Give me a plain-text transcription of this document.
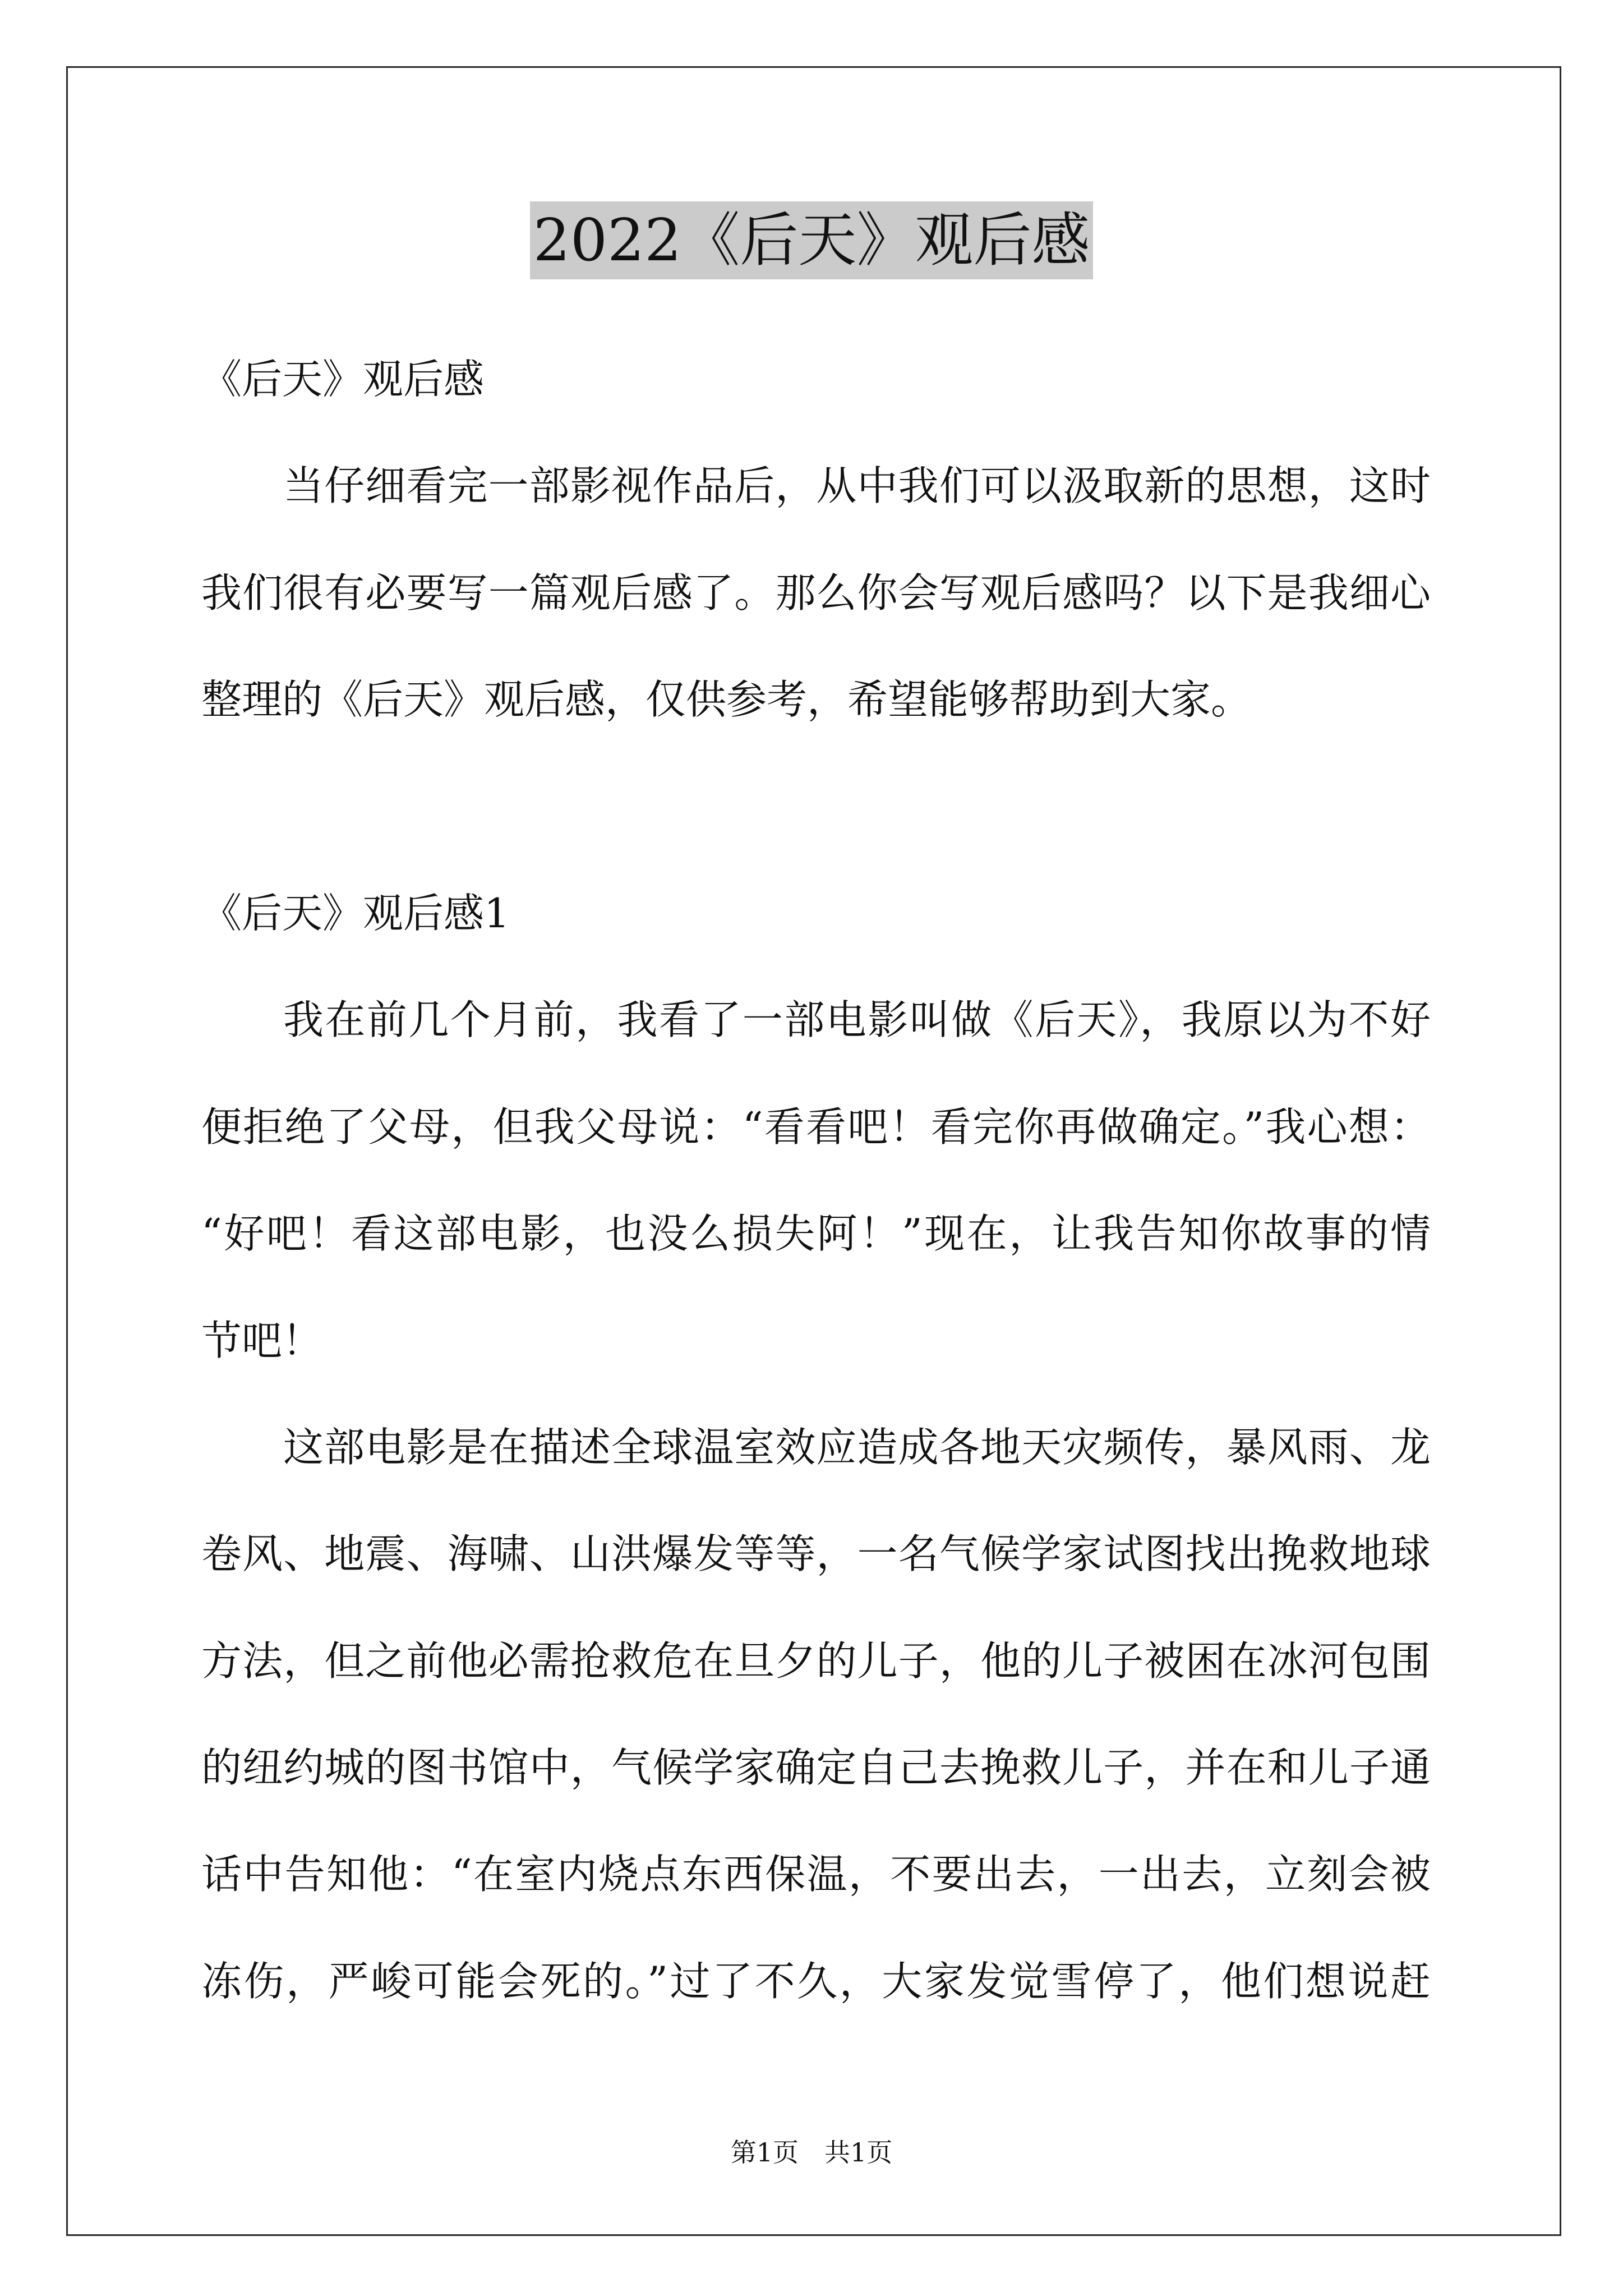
2022《后天》观后感
《后天》观后感
当仔细看完一部影视作品后，从中我们可以汲取新的思想，这时
我们很有必要写一篇观后感了。那么你会写观后感吗？以下是我细心
整理的《后天》观后感，仅供参考，希望能够帮助到大家。
《后天》观后感1
我在前几个月前，我看了一部电影叫做《后天》，我原以为不好
便拒绝了父母，但我父母说：“看看吧！看完你再做确定。”我心想：
“好吧！看这部电影，也没么损失阿！”现在，让我告知你故事的情
节吧！
这部电影是在描述全球温室效应造成各地天灾频传，暴风雨、龙
卷风、地震、海啸、山洪爆发等等，一名气候学家试图找出挽救地球
方法，但之前他必需抢救危在旦夕的儿子，他的儿子被困在冰河包围
的纽约城的图书馆中，气候学家确定自己去挽救儿子，并在和儿子通
话中告知他：“在室内烧点东西保温，不要出去，一出去，立刻会被
冻伤，严峻可能会死的。”过了不久，大家发觉雪停了，他们想说赶
第1页 共1页
